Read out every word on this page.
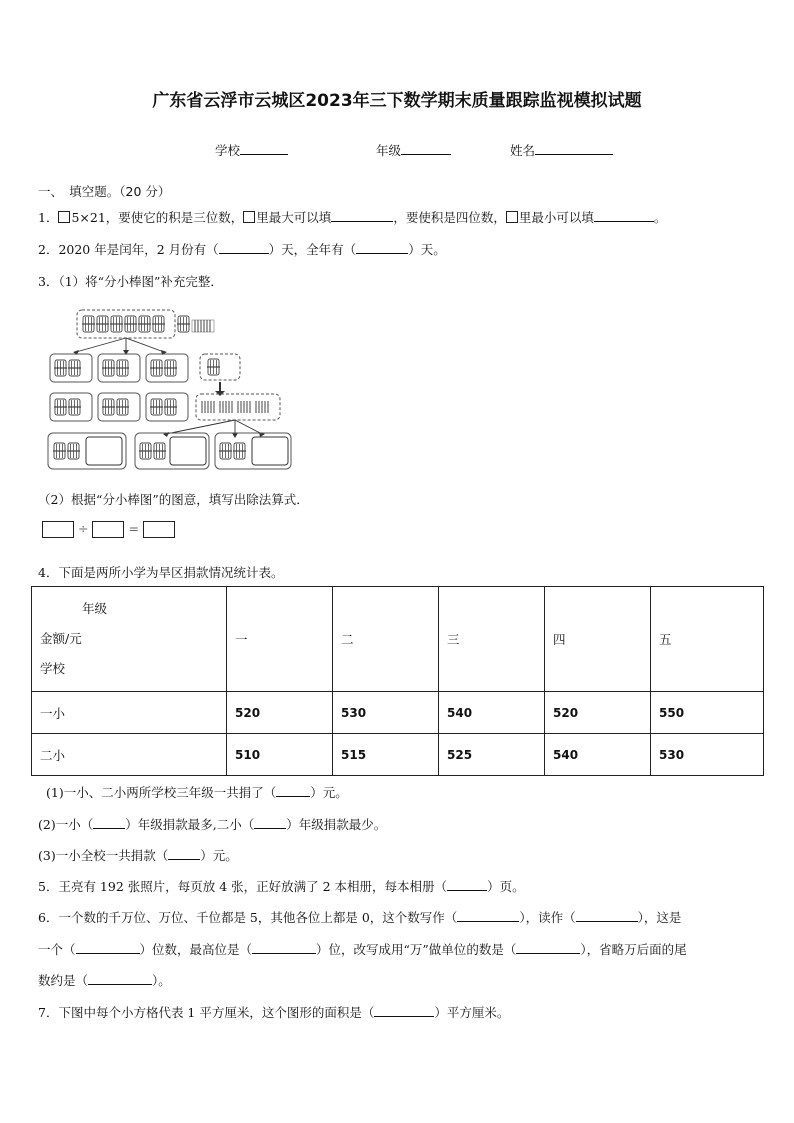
广东省云浮市云城区2023年三下数学期末质量跟踪监视模拟试题
学校	年级	姓名
一、　填空题。（20 分）
1． 5×21，要使它的积是三位数， 里最大可以填	，要使积是四位数， 里最小可以填	。
2．2020 年是闰年，2 月份有（	）天，全年有（	）天。
3．（1）将“分小棒图”补充完整．
（2）根据“分小棒图”的图意，填写出除法算式．
÷	=
4．下面是两所小学为旱区捐款情况统计表。
年级
金额/元
学校	一	二	三	四	五
一小	520	530	540	520	550
二小	510	515	525	540	530
(1)一小、二小两所学校三年级一共捐了（	）元。
(2)一小（	）年级捐款最多,二小（	）年级捐款最少。
(3)一小全校一共捐款（	）元。
5．王亮有 192 张照片，每页放 4 张，正好放满了 2 本相册，每本相册（	）页。
6．一个数的千万位、万位、千位都是 5，其他各位上都是 0，这个数写作（	），读作（	），这是
一个（	）位数，最高位是（	）位，改写成用“万”做单位的数是（	），省略万后面的尾
数约是（	）。
7．下图中每个小方格代表 1 平方厘米，这个图形的面积是（	）平方厘米。
